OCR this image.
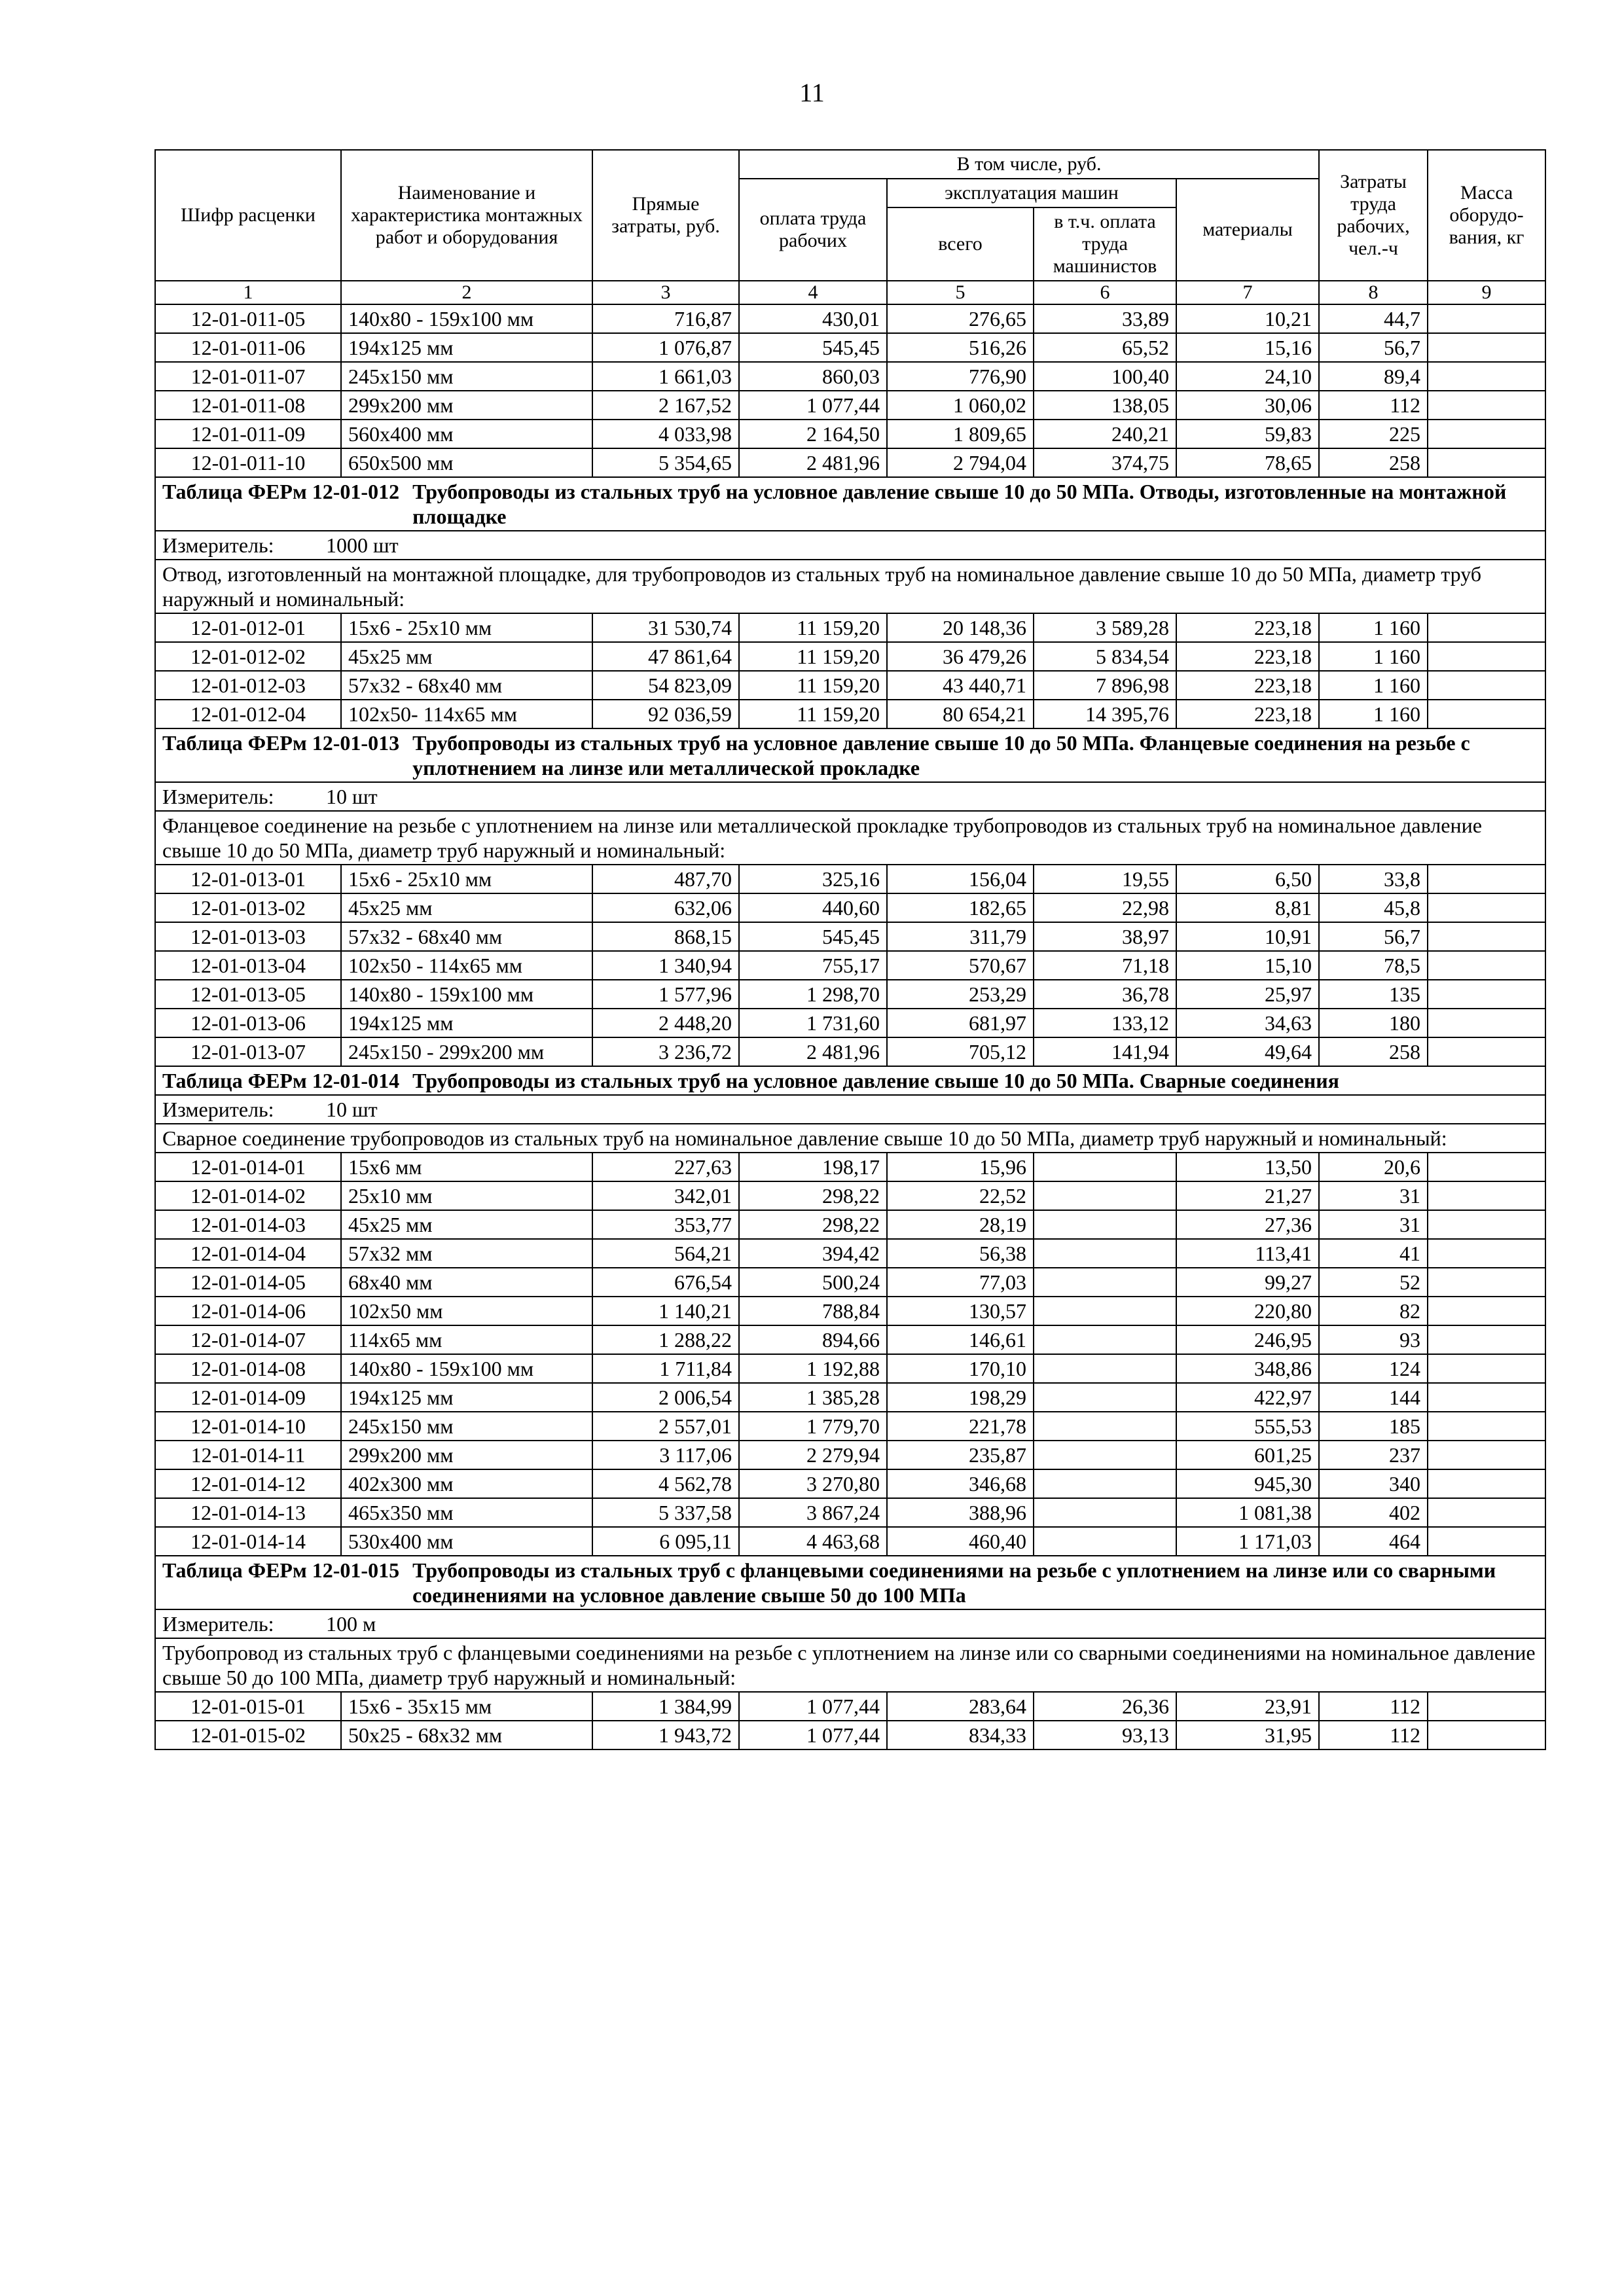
11
Шифр расценки	Наименование и характеристика монтажных работ и оборудования	Прямые затраты, руб.	В том числе, руб.				Затраты труда рабочих, чел.-ч	Масса оборудо-вания, кг
			оплата труда рабочих	эксплуатация машин		материалы		
				всего	в т.ч. оплата труда машинистов			
1	2	3	4	5	6	7	8	9
12-01-011-05	140х80 - 159х100 мм	716,87	430,01	276,65	33,89	10,21	44,7	
12-01-011-06	194х125 мм	1 076,87	545,45	516,26	65,52	15,16	56,7	
12-01-011-07	245х150 мм	1 661,03	860,03	776,90	100,40	24,10	89,4	
12-01-011-08	299х200 мм	2 167,52	1 077,44	1 060,02	138,05	30,06	112	
12-01-011-09	560х400 мм	4 033,98	2 164,50	1 809,65	240,21	59,83	225	
12-01-011-10	650х500 мм	5 354,65	2 481,96	2 794,04	374,75	78,65	258	

Таблица ФЕРм 12-01-012 Трубопроводы из стальных труб на условное давление свыше 10 до 50 МПа. Отводы, изготовленные на монтажной площадке								

Измеритель: 1000 шт								
Отвод, изготовленный на монтажной площадке, для трубопроводов из стальных труб на номинальное давление свыше 10 до 50 МПа, диаметр труб наружный и номинальный:								
12-01-012-01	15х6 - 25х10 мм	31 530,74	11 159,20	20 148,36	3 589,28	223,18	1 160	
12-01-012-02	45х25 мм	47 861,64	11 159,20	36 479,26	5 834,54	223,18	1 160	
12-01-012-03	57х32 - 68х40 мм	54 823,09	11 159,20	43 440,71	7 896,98	223,18	1 160	
12-01-012-04	102х50- 114х65 мм	92 036,59	11 159,20	80 654,21	14 395,76	223,18	1 160	

Таблица ФЕРм 12-01-013 Трубопроводы из стальных труб на условное давление свыше 10 до 50 МПа. Фланцевые соединения на резьбе с уплотнением на линзе или металлической прокладке								

Измеритель: 10 шт								
Фланцевое соединение на резьбе с уплотнением на линзе или металлической прокладке трубопроводов из стальных труб на номинальное давление свыше 10 до 50 МПа, диаметр труб наружный и номинальный:								
12-01-013-01	15х6 - 25х10 мм	487,70	325,16	156,04	19,55	6,50	33,8	
12-01-013-02	45х25 мм	632,06	440,60	182,65	22,98	8,81	45,8	
12-01-013-03	57х32 - 68х40 мм	868,15	545,45	311,79	38,97	10,91	56,7	
12-01-013-04	102х50 - 114х65 мм	1 340,94	755,17	570,67	71,18	15,10	78,5	
12-01-013-05	140х80 - 159х100 мм	1 577,96	1 298,70	253,29	36,78	25,97	135	
12-01-013-06	194х125 мм	2 448,20	1 731,60	681,97	133,12	34,63	180	
12-01-013-07	245х150 - 299х200 мм	3 236,72	2 481,96	705,12	141,94	49,64	258	

Таблица ФЕРм 12-01-014 Трубопроводы из стальных труб на условное давление свыше 10 до 50 МПа. Сварные соединения								

Измеритель: 10 шт								
Сварное соединение трубопроводов из стальных труб на номинальное давление свыше 10 до 50 МПа, диаметр труб наружный и номинальный:								
12-01-014-01	15х6 мм	227,63	198,17	15,96		13,50	20,6	
12-01-014-02	25х10 мм	342,01	298,22	22,52		21,27	31	
12-01-014-03	45х25 мм	353,77	298,22	28,19		27,36	31	
12-01-014-04	57х32 мм	564,21	394,42	56,38		113,41	41	
12-01-014-05	68х40 мм	676,54	500,24	77,03		99,27	52	
12-01-014-06	102х50 мм	1 140,21	788,84	130,57		220,80	82	
12-01-014-07	114х65 мм	1 288,22	894,66	146,61		246,95	93	
12-01-014-08	140х80 - 159х100 мм	1 711,84	1 192,88	170,10		348,86	124	
12-01-014-09	194х125 мм	2 006,54	1 385,28	198,29		422,97	144	
12-01-014-10	245х150 мм	2 557,01	1 779,70	221,78		555,53	185	
12-01-014-11	299х200 мм	3 117,06	2 279,94	235,87		601,25	237	
12-01-014-12	402х300 мм	4 562,78	3 270,80	346,68		945,30	340	
12-01-014-13	465х350 мм	5 337,58	3 867,24	388,96		1 081,38	402	
12-01-014-14	530х400 мм	6 095,11	4 463,68	460,40		1 171,03	464	

Таблица ФЕРм 12-01-015 Трубопроводы из стальных труб с фланцевыми соединениями на резьбе с уплотнением на линзе или со сварными соединениями на условное давление свыше 50 до 100 МПа								

Измеритель: 100 м								
Трубопровод из стальных труб с фланцевыми соединениями на резьбе с уплотнением на линзе или со сварными соединениями на номинальное давление свыше 50 до 100 МПа, диаметр труб наружный и номинальный:								
12-01-015-01	15х6 - 35х15 мм	1 384,99	1 077,44	283,64	26,36	23,91	112	
12-01-015-02	50х25 - 68х32 мм	1 943,72	1 077,44	834,33	93,13	31,95	112	
